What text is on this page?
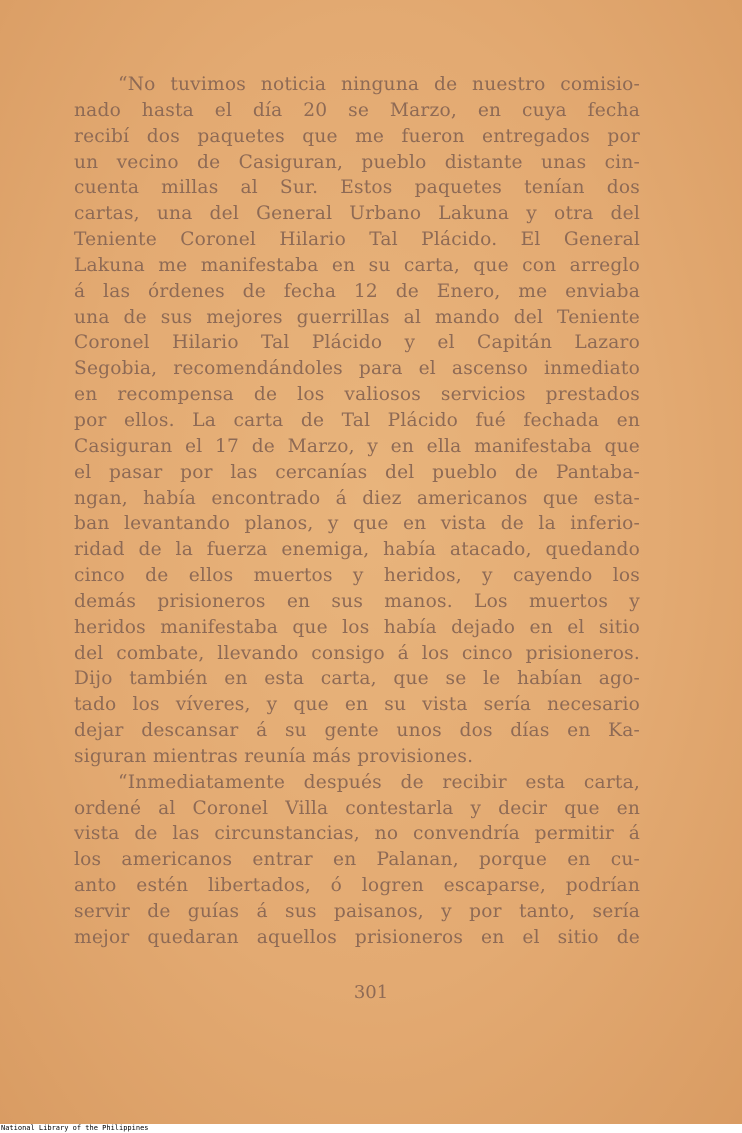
“No tuvimos noticia ninguna de nuestro comisio-
nado hasta el día 20 se Marzo, en cuya fecha
recibí dos paquetes que me fueron entregados por
un vecino de Casiguran, pueblo distante unas cin-
cuenta millas al Sur. Estos paquetes tenían dos
cartas, una del General Urbano Lakuna y otra del
Teniente Coronel Hilario Tal Plácido. El General
Lakuna me manifestaba en su carta, que con arreglo
á las órdenes de fecha 12 de Enero, me enviaba
una de sus mejores guerrillas al mando del Teniente
Coronel Hilario Tal Plácido y el Capitán Lazaro
Segobia, recomendándoles para el ascenso inmediato
en recompensa de los valiosos servicios prestados
por ellos. La carta de Tal Plácido fué fechada en
Casiguran el 17 de Marzo, y en ella manifestaba que
el pasar por las cercanías del pueblo de Pantaba-
ngan, había encontrado á diez americanos que esta-
ban levantando planos, y que en vista de la inferio-
ridad de la fuerza enemiga, había atacado, quedando
cinco de ellos muertos y heridos, y cayendo los
demás prisioneros en sus manos. Los muertos y
heridos manifestaba que los había dejado en el sitio
del combate, llevando consigo á los cinco prisioneros.
Dijo también en esta carta, que se le habían ago-
tado los víveres, y que en su vista sería necesario
dejar descansar á su gente unos dos días en Ka-
siguran mientras reunía más provisiones.
“Inmediatamente después de recibir esta carta,
ordené al Coronel Villa contestarla y decir que en
vista de las circunstancias, no convendría permitir á
los americanos entrar en Palanan, porque en cu-
anto estén libertados, ó logren escaparse, podrían
servir de guías á sus paisanos, y por tanto, sería
mejor quedaran aquellos prisioneros en el sitio de
301
National Library of the Philippines
